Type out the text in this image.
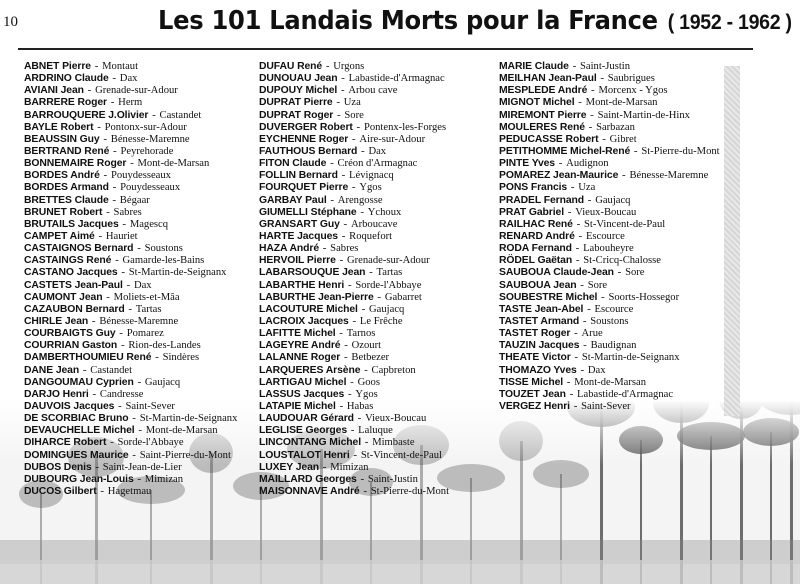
10	Les 101 Landais Morts pour la France ( 1952 - 1962 )
ABNET Pierre - Montaut
ARDRINO Claude - Dax
AVIANI Jean - Grenade-sur-Adour
BARRERE Roger - Herm
BARROUQUERE J.Olivier - Castandet
BAYLE Robert - Pontonx-sur-Adour
BEAUSSIN Guy - Bénesse-Maremne
BERTRAND René - Peyrehorade
BONNEMAIRE Roger - Mont-de-Marsan
BORDES André - Pouydesseaux
BORDES Armand - Pouydesseaux
BRETTES Claude - Bégaar
BRUNET Robert - Sabres
BRUTAILS Jacques - Magescq
CAMPET Aimé - Hauriet
CASTAIGNOS Bernard - Soustons
CASTAINGS René - Gamarde-les-Bains
CASTANO Jacques - St-Martin-de-Seignanx
CASTETS Jean-Paul - Dax
CAUMONT Jean - Moliets-et-Mâa
CAZAUBON Bernard - Tartas
CHIRLE Jean - Bénesse-Maremne
COURBAIGTS Guy - Pomarez
COURRIAN Gaston - Rion-des-Landes
DAMBERTHOUMIEU René - Sindères
DANE Jean - Castandet
DANGOUMAU Cyprien - Gaujacq
DARJO Henri - Candresse
DAUVOIS Jacques - Saint-Sever
DE SCORBIAC Bruno - St-Martin-de-Seignanx
DEVAUCHELLE Michel - Mont-de-Marsan
DIHARCE Robert - Sorde-l'Abbaye
DOMINGUES Maurice - Saint-Pierre-du-Mont
DUBOS Denis - Saint-Jean-de-Lier
DUBOURG Jean-Louis - Mimizan
DUCOS Gilbert - Hagetmau
DUFAU René - Urgons
DUNOUAU Jean - Labastide-d'Armagnac
DUPOUY Michel - Arbou cave
DUPRAT Pierre - Uza
DUPRAT Roger - Sore
DUVERGER Robert - Pontenx-les-Forges
EYCHENNE Roger - Aire-sur-Adour
FAUTHOUS Bernard - Dax
FITON Claude - Créon d'Armagnac
FOLLIN Bernard - Lévignacq
FOURQUET Pierre - Ygos
GARBAY Paul - Arengosse
GIUMELLI Stéphane - Ychoux
GRANSART Guy - Arboucave
HARTE Jacques - Roquefort
HAZA André - Sabres
HERVOIL Pierre - Grenade-sur-Adour
LABARSOUQUE Jean - Tartas
LABARTHE Henri - Sorde-l'Abbaye
LABURTHE Jean-Pierre - Gabarret
LACOUTURE Michel - Gaujacq
LACROIX Jacques - Le Frêche
LAFITTE Michel - Tarnos
LAGEYRE André - Ozourt
LALANNE Roger - Betbezer
LARQUERES Arsène - Capbreton
LARTIGAU Michel - Goos
LASSUS Jacques - Ygos
LATAPIE Michel - Habas
LAUDOUAR Gérard - Vieux-Boucau
LEGLISE Georges - Laluque
LINCONTANG Michel - Mimbaste
LOUSTALOT Henri - St-Vincent-de-Paul
LUXEY Jean - Mimizan
MAILLARD Georges - Saint-Justin
MAISONNAVE André - St-Pierre-du-Mont
MARIE Claude - Saint-Justin
MEILHAN Jean-Paul - Saubrigues
MESPLEDE André - Morcenx - Ygos
MIGNOT Michel - Mont-de-Marsan
MIREMONT Pierre - Saint-Martin-de-Hinx
MOULERES René - Sarbazan
PEDUCASSE Robert - Gibret
PETITHOMME Michel-René - St-Pierre-du-Mont
PINTE Yves - Audignon
POMAREZ Jean-Maurice - Bénesse-Maremne
PONS Francis - Uza
PRADEL Fernand - Gaujacq
PRAT Gabriel - Vieux-Boucau
RAILHAC René - St-Vincent-de-Paul
RENARD André - Escource
RODA Fernand - Labouheyre
RÖDEL Gaëtan - St-Cricq-Chalosse
SAUBOUA Claude-Jean - Sore
SAUBOUA Jean - Sore
SOUBESTRE Michel - Soorts-Hossegor
TASTE Jean-Abel - Escource
TASTET Armand - Soustons
TASTET Roger - Arue
TAUZIN Jacques - Baudignan
THEATE Victor - St-Martin-de-Seignanx
THOMAZO Yves - Dax
TISSE Michel - Mont-de-Marsan
TOUZET Jean - Labastide-d'Armagnac
VERGEZ Henri - Saint-Sever
